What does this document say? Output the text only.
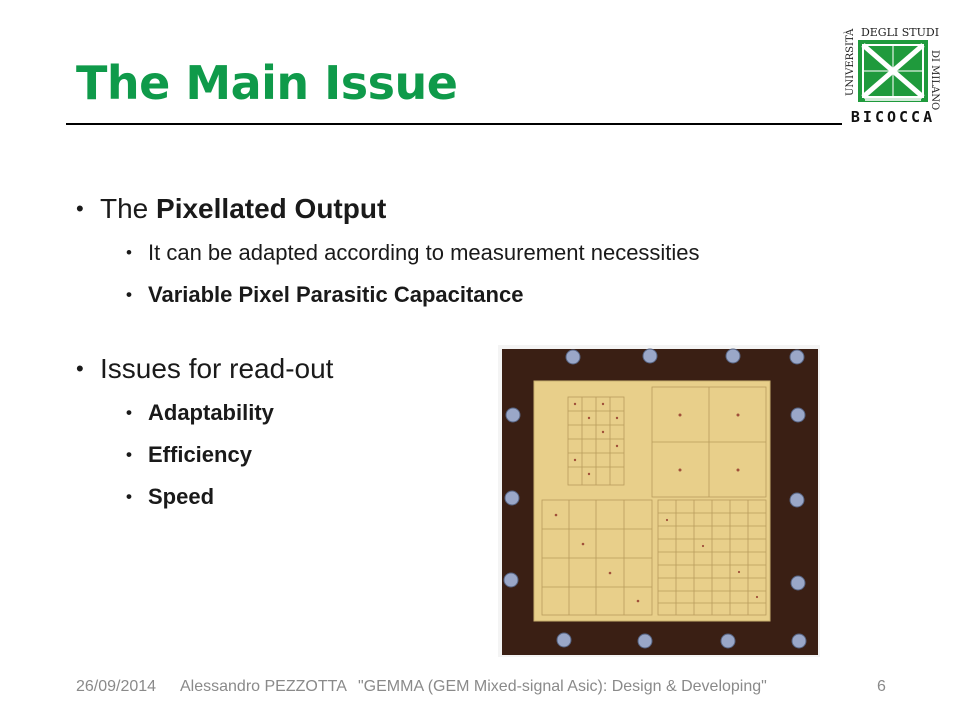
The Main Issue
DEGLI STUDI
UNIVERSITÀ	DI MILANO
BICOCCA
• The Pixellated Output
• It can be adapted according to measurement necessities
• Variable Pixel Parasitic Capacitance
• Issues for read-out
• Adaptability
• Efficiency
• Speed
26/09/2014 Alessandro PEZZOTTA "GEMMA (GEM Mixed-signal Asic): Design & Developing"	6
